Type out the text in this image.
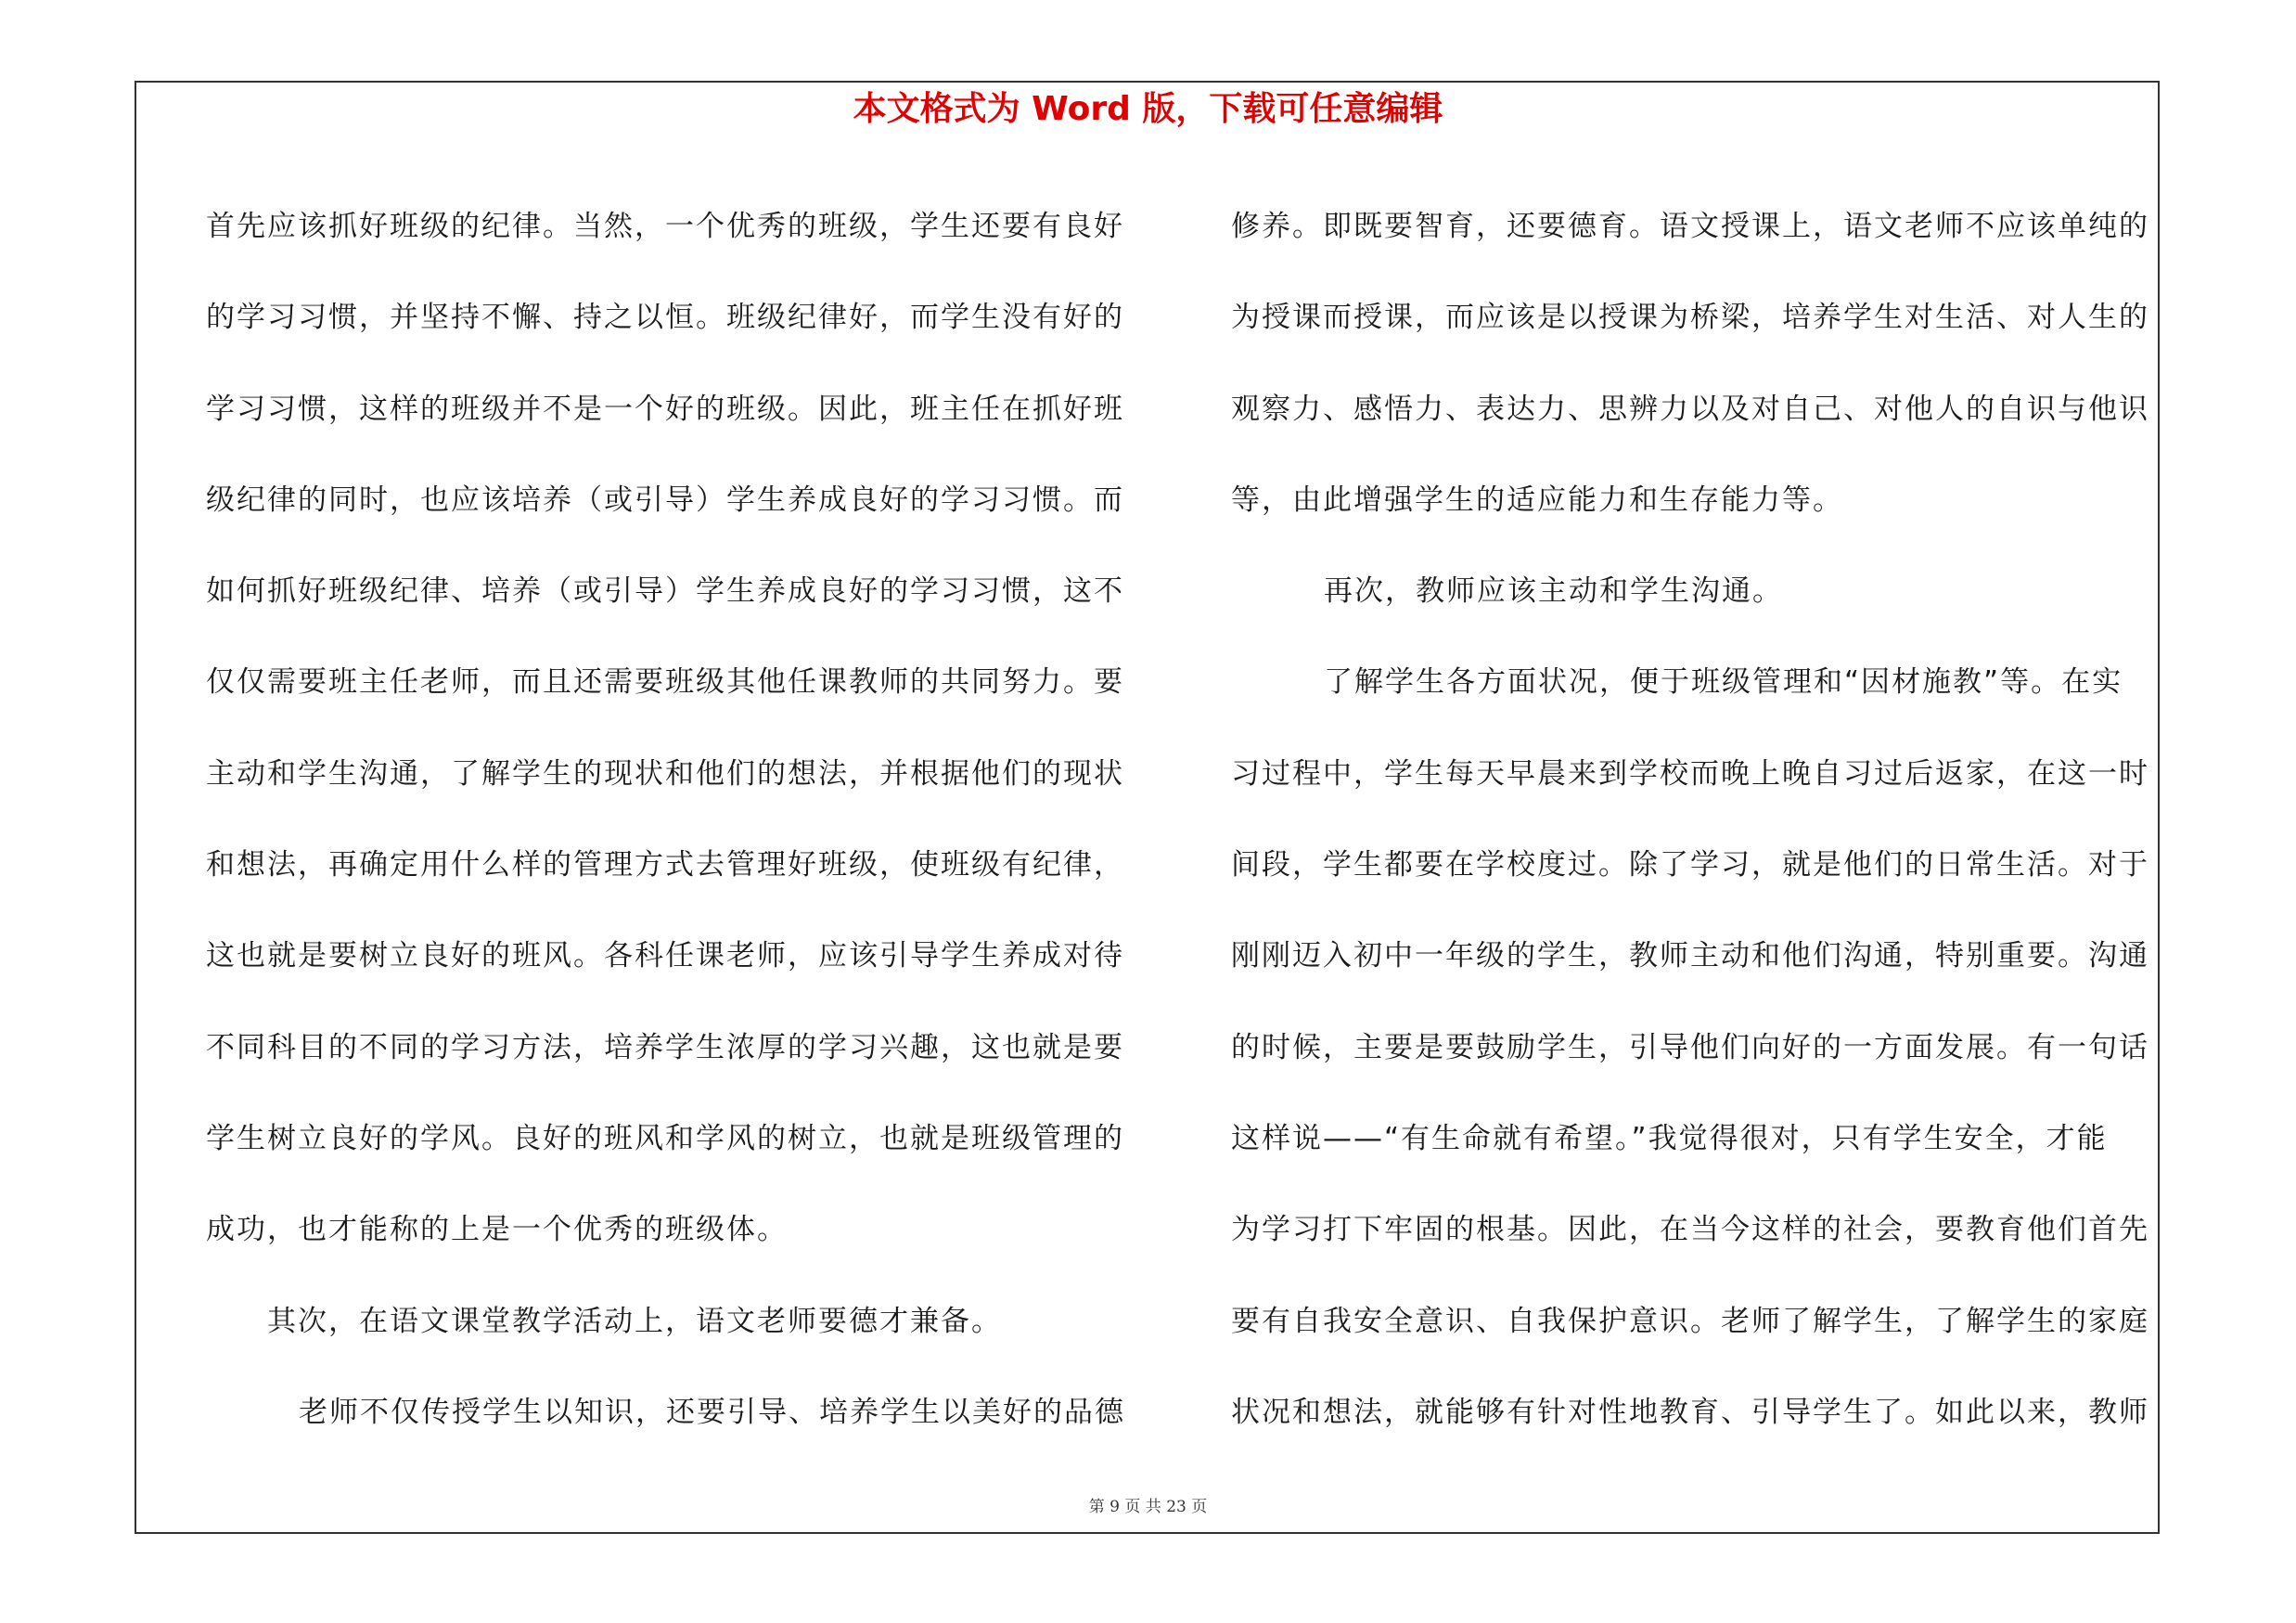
本文格式为 Word 版，下载可任意编辑
首先应该抓好班级的纪律。当然，一个优秀的班级，学生还要有良好
的学习习惯，并坚持不懈、持之以恒。班级纪律好，而学生没有好的
学习习惯，这样的班级并不是一个好的班级。因此，班主任在抓好班
级纪律的同时，也应该培养（或引导）学生养成良好的学习习惯。而
如何抓好班级纪律、培养（或引导）学生养成良好的学习习惯，这不
仅仅需要班主任老师，而且还需要班级其他任课教师的共同努力。要
主动和学生沟通，了解学生的现状和他们的想法，并根据他们的现状
和想法，再确定用什么样的管理方式去管理好班级，使班级有纪律，
这也就是要树立良好的班风。各科任课老师，应该引导学生养成对待
不同科目的不同的学习方法，培养学生浓厚的学习兴趣，这也就是要
学生树立良好的学风。良好的班风和学风的树立，也就是班级管理的
成功，也才能称的上是一个优秀的班级体。
其次，在语文课堂教学活动上，语文老师要德才兼备。
老师不仅传授学生以知识，还要引导、培养学生以美好的品德
修养。即既要智育，还要德育。语文授课上，语文老师不应该单纯的
为授课而授课，而应该是以授课为桥梁，培养学生对生活、对人生的
观察力、感悟力、表达力、思辨力以及对自己、对他人的自识与他识
等，由此增强学生的适应能力和生存能力等。
再次，教师应该主动和学生沟通。
了解学生各方面状况，便于班级管理和“因材施教”等。在实
习过程中，学生每天早晨来到学校而晚上晚自习过后返家，在这一时
间段，学生都要在学校度过。除了学习，就是他们的日常生活。对于
刚刚迈入初中一年级的学生，教师主动和他们沟通，特别重要。沟通
的时候，主要是要鼓励学生，引导他们向好的一方面发展。有一句话
这样说——“有生命就有希望。”我觉得很对，只有学生安全，才能
为学习打下牢固的根基。因此，在当今这样的社会，要教育他们首先
要有自我安全意识、自我保护意识。老师了解学生，了解学生的家庭
状况和想法，就能够有针对性地教育、引导学生了。如此以来，教师
第 9 页 共 23 页
